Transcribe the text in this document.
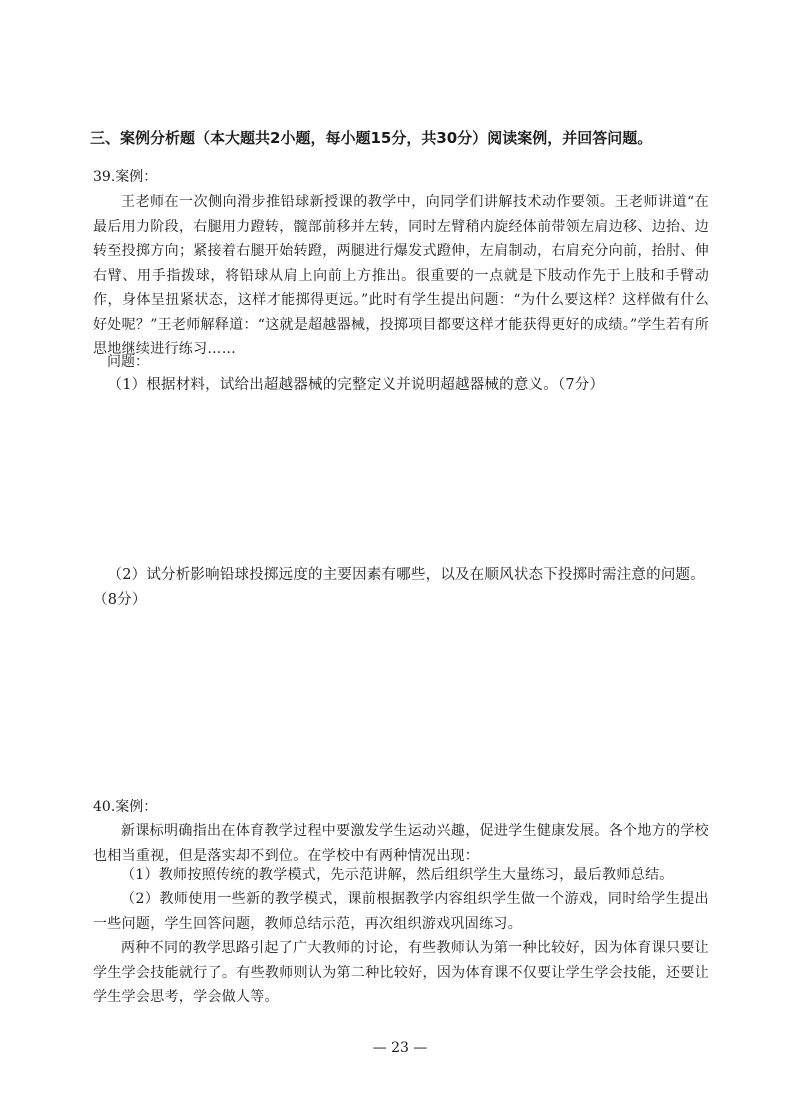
三、案例分析题（本大题共2小题，每小题15分，共30分）阅读案例，并回答问题。
39.案例：
王老师在一次侧向滑步推铅球新授课的教学中，向同学们讲解技术动作要领。王老师讲道“在最后用力阶段，右腿用力蹬转，髋部前移并左转，同时左臂稍内旋经体前带领左肩边移、边抬、边转至投掷方向；紧接着右腿开始转蹬，两腿进行爆发式蹬伸，左肩制动，右肩充分向前，抬肘、伸右臂、用手指拨球，将铅球从肩上向前上方推出。很重要的一点就是下肢动作先于上肢和手臂动作，身体呈扭紧状态，这样才能掷得更远。”此时有学生提出问题：“为什么要这样？这样做有什么好处呢？”王老师解释道：“这就是超越器械，投掷项目都要这样才能获得更好的成绩。”学生若有所思地继续进行练习……
问题：
（1）根据材料，试给出超越器械的完整定义并说明超越器械的意义。（7分）
（2）试分析影响铅球投掷远度的主要因素有哪些，以及在顺风状态下投掷时需注意的问题。（8分）
40.案例：
新课标明确指出在体育教学过程中要激发学生运动兴趣，促进学生健康发展。各个地方的学校也相当重视，但是落实却不到位。在学校中有两种情况出现：
（1）教师按照传统的教学模式，先示范讲解，然后组织学生大量练习，最后教师总结。
（2）教师使用一些新的教学模式，课前根据教学内容组织学生做一个游戏，同时给学生提出一些问题，学生回答问题，教师总结示范，再次组织游戏巩固练习。
两种不同的教学思路引起了广大教师的讨论，有些教师认为第一种比较好，因为体育课只要让学生学会技能就行了。有些教师则认为第二种比较好，因为体育课不仅要让学生学会技能，还要让学生学会思考，学会做人等。
— 23 —
